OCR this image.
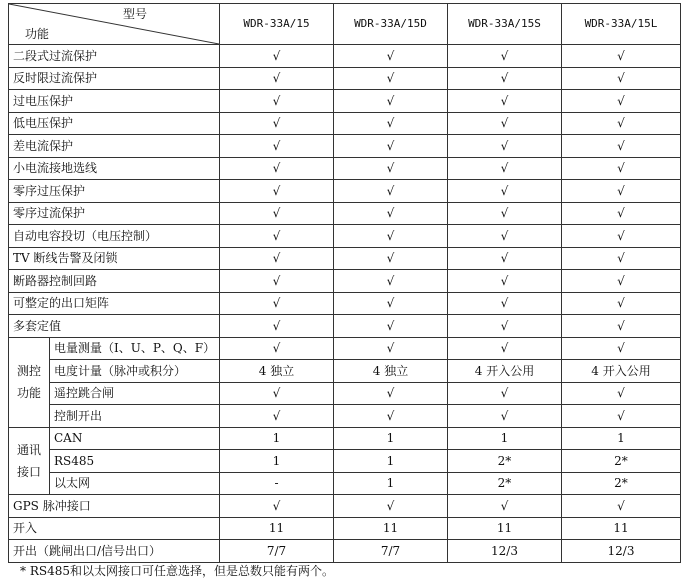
型号
功能		WDR-33A/15	WDR-33A/15D	WDR-33A/15S	WDR-33A/15L
二段式过流保护		√	√	√	√
反时限过流保护		√	√	√	√
过电压保护		√	√	√	√
低电压保护		√	√	√	√
差电流保护		√	√	√	√
小电流接地选线		√	√	√	√
零序过压保护		√	√	√	√
零序过流保护		√	√	√	√
自动电容投切（电压控制）		√	√	√	√
TV 断线告警及闭锁		√	√	√	√
断路器控制回路		√	√	√	√
可整定的出口矩阵		√	√	√	√
多套定值		√	√	√	√
测控功能	电量测量（I、U、P、Q、F）	√	√	√	√
	电度计量（脉冲或积分）	4 独立	4 独立	4 开入公用	4 开入公用
	遥控跳合闸	√	√	√	√
	控制开出	√	√	√	√
通讯接口	CAN	1	1	1	1
	RS485	1	1	2*	2*
	以太网	-	1	2*	2*
GPS 脉冲接口		√	√	√	√
开入		11	11	11	11
开出（跳闸出口/信号出口）		7/7	7/7	12/3	12/3
* RS485和以太网接口可任意选择，但是总数只能有两个。
